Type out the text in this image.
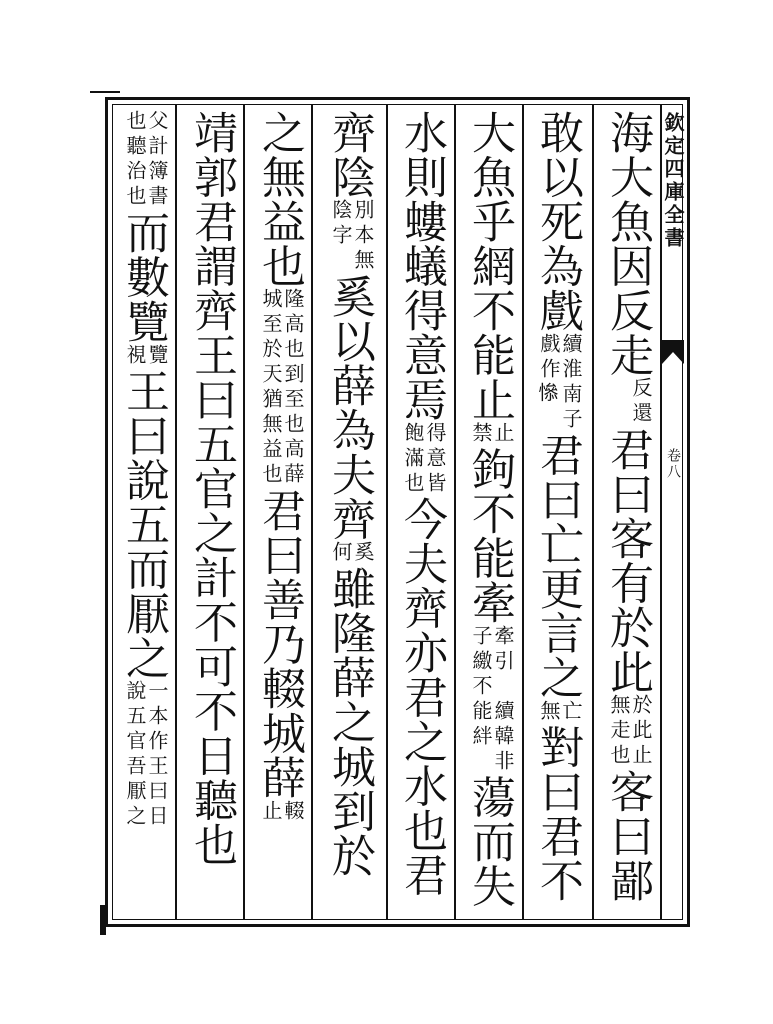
欽定四庫全書
卷八
海大魚因反走
反還
君曰客有於此
於此止
無走也
客曰鄙
敢以死為戲
續淮南子
戲作𢡖
君曰亡更言之
亡
無
對曰君不
大魚乎網不能止
止
禁
鉤不能牽
牽引
子繳不
續韓非
能絆
蕩而失
水則螻蟻得意焉
得意皆
飽滿也
今夫齊亦君之水也君
齊陰
別本無
陰字
奚以薛為夫齊
奚
何
雖隆薛之城到於
之無益也
隆高也到至也高薛
城至於天猶無益也
君曰善乃輟城薛
輟
止
靖郭君謂齊王曰五官之計不可不日聽也
父計簿書
也聽治也
而數覽
覽
視
王曰說五而厭之
一本作王曰日
說五官吾厭之
